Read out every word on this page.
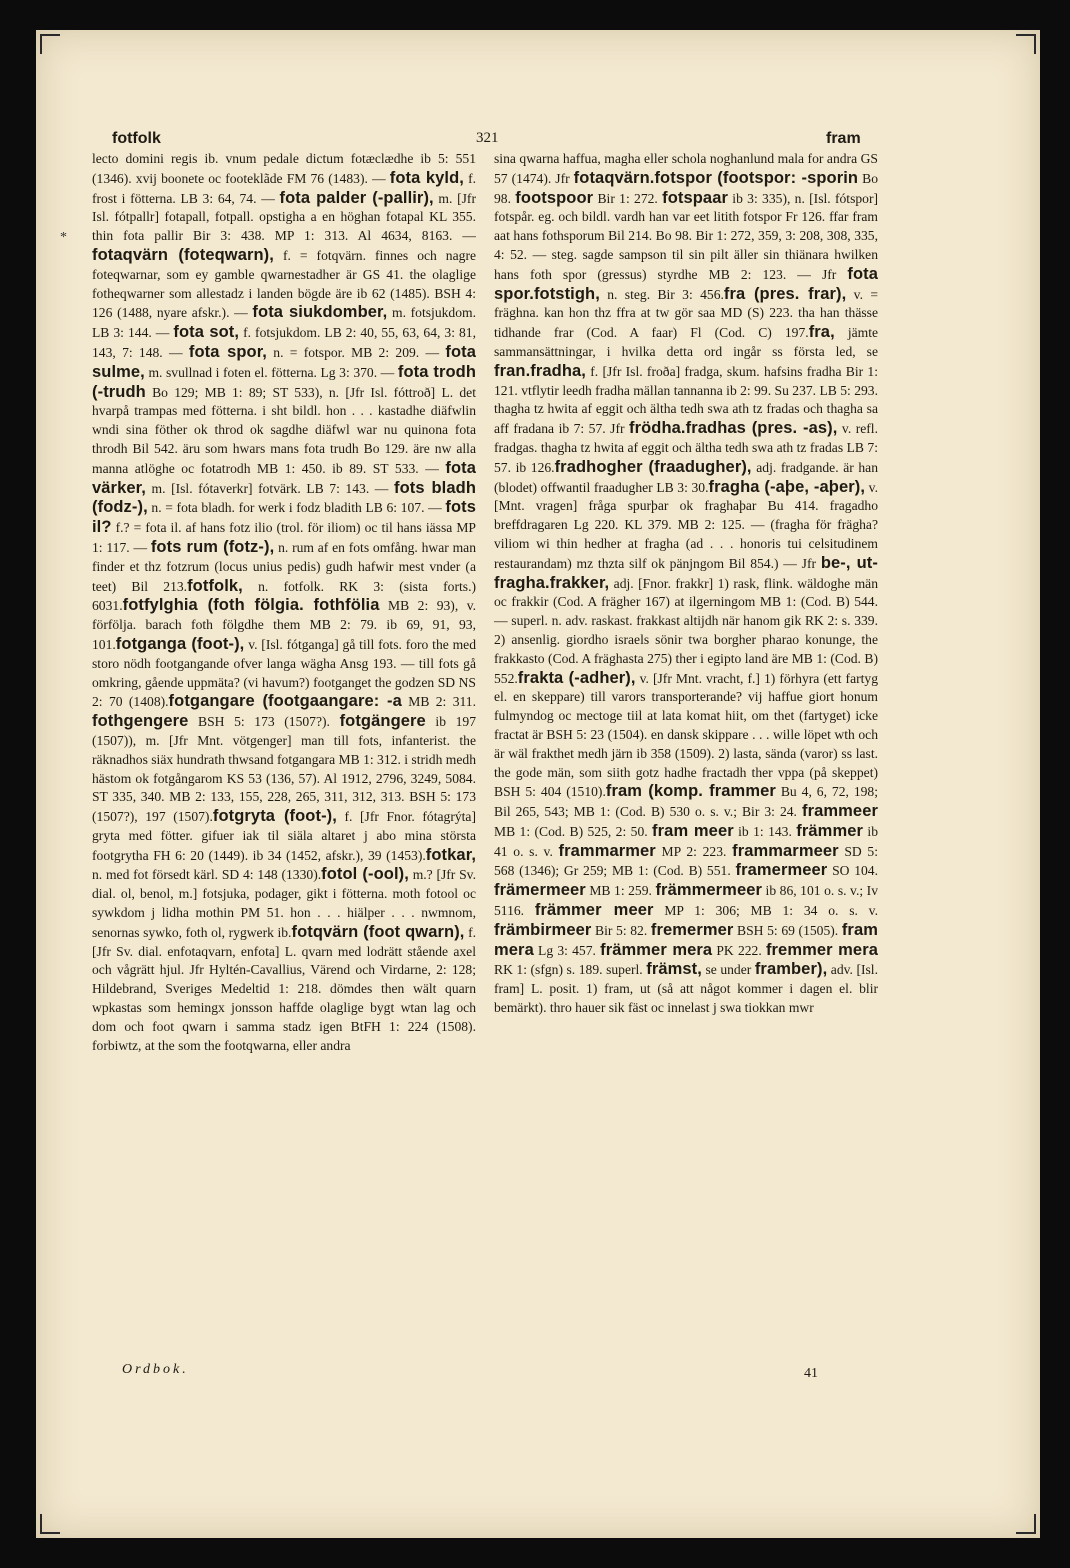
*
fotfolk	321	fram

lecto domini regis ib. vnum pedale dictum fotæclædhe ib 5: 551 (1346). xvij boonete oc footeklãde FM 76 (1483). — fota kyld, f. frost i fötterna. LB 3: 64, 74. — fota palder (-pallir), m. [Jfr Isl. fótpallr] fotapall, fotpall. opstigha a en höghan fotapal KL 355. thin fota pallir Bir 3: 438. MP 1: 313. Al 4634, 8163. — fotaqvärn (foteqwarn), f. = fotqvärn. finnes och nagre foteqwarnar, som ey gamble qwarnestadher är GS 41. the olaglige fotheqwarner som allestadz i landen bögde äre ib 62 (1485). BSH 4: 126 (1488, nyare afskr.). — fota siukdomber, m. fotsjukdom. LB 3: 144. — fota sot, f. fotsjukdom. LB 2: 40, 55, 63, 64, 3: 81, 143, 7: 148. — fota spor, n. = fotspor. MB 2: 209. — fota sulme, m. svullnad i foten el. fötterna. Lg 3: 370. — fota trodh (-trudh Bo 129; MB 1: 89; ST 533), n. [Jfr Isl. fóttroð] L. det hvarpå trampas med fötterna. i sht bildl. hon . . . kastadhe diäfwlin wndi sina föther ok throd ok sagdhe diäfwl war nu quinona fota throdh Bil 542. äru som hwars mans fota trudh Bo 129. äre nw alla manna atlöghe oc fotatrodh MB 1: 450. ib 89. ST 533. — fota värker, m. [Isl. fótaverkr] fotvärk. LB 7: 143. — fots bladh (fodz-), n. = fota bladh. for werk i fodz bladith LB 6: 107. — fots il? f.? = fota il. af hans fotz ilio (trol. för iliom) oc til hans iässa MP 1: 117. — fots rum (fotz-), n. rum af en fots omfång. hwar man finder et thz fotzrum (locus unius pedis) gudh hafwir mest vnder (a teet) Bil 213.fotfolk, n. fotfolk. RK 3: (sista forts.) 6031.fotfylghia (foth fölgia. fothfölia MB 2: 93), v. förfölja. barach foth fölgdhe them MB 2: 79. ib 69, 91, 93, 101.fotganga (foot-), v. [Isl. fótganga] gå till fots. foro the med storo nödh footgangande ofver langa wägha Ansg 193. — till fots gå omkring, gående uppmäta? (vi havum?) footganget the godzen SD NS 2: 70 (1408).fotgangare (footgaangare: -a MB 2: 311. fothgengere BSH 5: 173 (1507?). fotgängere ib 197 (1507)), m. [Jfr Mnt. vötgenger] man till fots, infanterist. the räknadhos siäx hundrath thwsand fotgangara MB 1: 312. i stridh medh hästom ok fotgångarom KS 53 (136, 57). Al 1912, 2796, 3249, 5084. ST 335, 340. MB 2: 133, 155, 228, 265, 311, 312, 313. BSH 5: 173 (1507?), 197 (1507).fotgryta (foot-), f. [Jfr Fnor. fótagrýta] gryta med fötter. gifuer iak til siäla altaret j abo mina största footgrytha FH 6: 20 (1449). ib 34 (1452, afskr.), 39 (1453).fotkar, n. med fot försedt kärl. SD 4: 148 (1330).fotol (-ool), m.? [Jfr Sv. dial. ol, benol, m.] fotsjuka, podager, gikt i fötterna. moth fotool oc sywkdom j lidha mothin PM 51. hon . . . hiälper . . . nwmnom, senornas sywko, foth ol, rygwerk ib.fotqvärn (foot qwarn), f. [Jfr Sv. dial. enfotaqvarn, enfota] L. qvarn med lodrätt stående axel och vågrätt hjul. Jfr Hyltén-Cavallius, Värend och Virdarne, 2: 128; Hildebrand, Sveriges Medeltid 1: 218. dömdes then wält quarn wpkastas som hemingx jonsson haffde olaglige bygt wtan lag och dom och foot qwarn i samma stadz igen BtFH 1: 224 (1508). forbiwtz, at the som the footqwarna, eller andra

sina qwarna haffua, magha eller schola noghanlund mala for andra GS 57 (1474). Jfr fotaqvärn.fotspor (footspor: -sporin Bo 98. footspoor Bir 1: 272. fotspaar ib 3: 335), n. [Isl. fótspor] fotspår. eg. och bildl. vardh han var eet litith fotspor Fr 126. ffar fram aat hans fothsporum Bil 214. Bo 98. Bir 1: 272, 359, 3: 208, 308, 335, 4: 52. — steg. sagde sampson til sin pilt äller sin thiänara hwilken hans foth spor (gressus) styrdhe MB 2: 123. — Jfr fota spor.fotstigh, n. steg. Bir 3: 456.fra (pres. frar), v. = fräghna. kan hon thz ffra at tw gör saa MD (S) 223. tha han thässe tidhande frar (Cod. A faar) Fl (Cod. C) 197.fra, jämte sammansättningar, i hvilka detta ord ingår ss första led, se fran.fradha, f. [Jfr Isl. froða] fradga, skum. hafsins fradha Bir 1: 121. vtflytir leedh fradha mällan tannanna ib 2: 99. Su 237. LB 5: 293. thagha tz hwita af eggit och ältha tedh swa ath tz fradas och thagha sa aff fradana ib 7: 57. Jfr frödha.fradhas (pres. -as), v. refl. fradgas. thagha tz hwita af eggit och ältha tedh swa ath tz fradas LB 7: 57. ib 126.fradhogher (fraadugher), adj. fradgande. är han (blodet) offwantil fraadugher LB 3: 30.fragha (-aþe, -aþer), v. [Mnt. vragen] fråga spurþar ok fraghaþar Bu 414. fragadho breffdragaren Lg 220. KL 379. MB 2: 125. — (fragha för frägha? viliom wi thin hedher at fragha (ad . . . honoris tui celsitudinem restaurandam) mz thzta silf ok pänjngom Bil 854.) — Jfr be-, ut-fragha.frakker, adj. [Fnor. frakkr] 1) rask, flink. wäldoghe män oc frakkir (Cod. A frägher 167) at ilgerningom MB 1: (Cod. B) 544. — superl. n. adv. raskast. frakkast altijdh när hanom gik RK 2: s. 339. 2) ansenlig. giordho israels sönir twa borgher pharao konunge, the frakkasto (Cod. A fräghasta 275) ther i egipto land äre MB 1: (Cod. B) 552.frakta (-adher), v. [Jfr Mnt. vracht, f.] 1) förhyra (ett fartyg el. en skeppare) till varors transporterande? vij haffue giort honum fulmyndog oc mectoge tiil at lata komat hiit, om thet (fartyget) icke fractat är BSH 5: 23 (1504). en dansk skippare . . . wille löpet wth och är wäl frakthet medh järn ib 358 (1509). 2) lasta, sända (varor) ss last. the gode män, som siith gotz hadhe fractadh ther vppa (på skeppet) BSH 5: 404 (1510).fram (komp. frammer Bu 4, 6, 72, 198; Bil 265, 543; MB 1: (Cod. B) 530 o. s. v.; Bir 3: 24. frammeer MB 1: (Cod. B) 525, 2: 50. fram meer ib 1: 143. främmer ib 41 o. s. v. frammarmer MP 2: 223. frammarmeer SD 5: 568 (1346); Gr 259; MB 1: (Cod. B) 551. framermeer SO 104. främermeer MB 1: 259. främmermeer ib 86, 101 o. s. v.; Iv 5116. främmer meer MP 1: 306; MB 1: 34 o. s. v. främbirmeer Bir 5: 82. fremermer BSH 5: 69 (1505). fram mera Lg 3: 457. främmer mera PK 222. fremmer mera RK 1: (sfgn) s. 189. superl. främst, se under framber), adv. [Isl. fram] L. posit. 1) fram, ut (så att något kommer i dagen el. blir bemärkt). thro hauer sik fäst oc innelast j swa tiokkan mwr

Ordbok.	41
